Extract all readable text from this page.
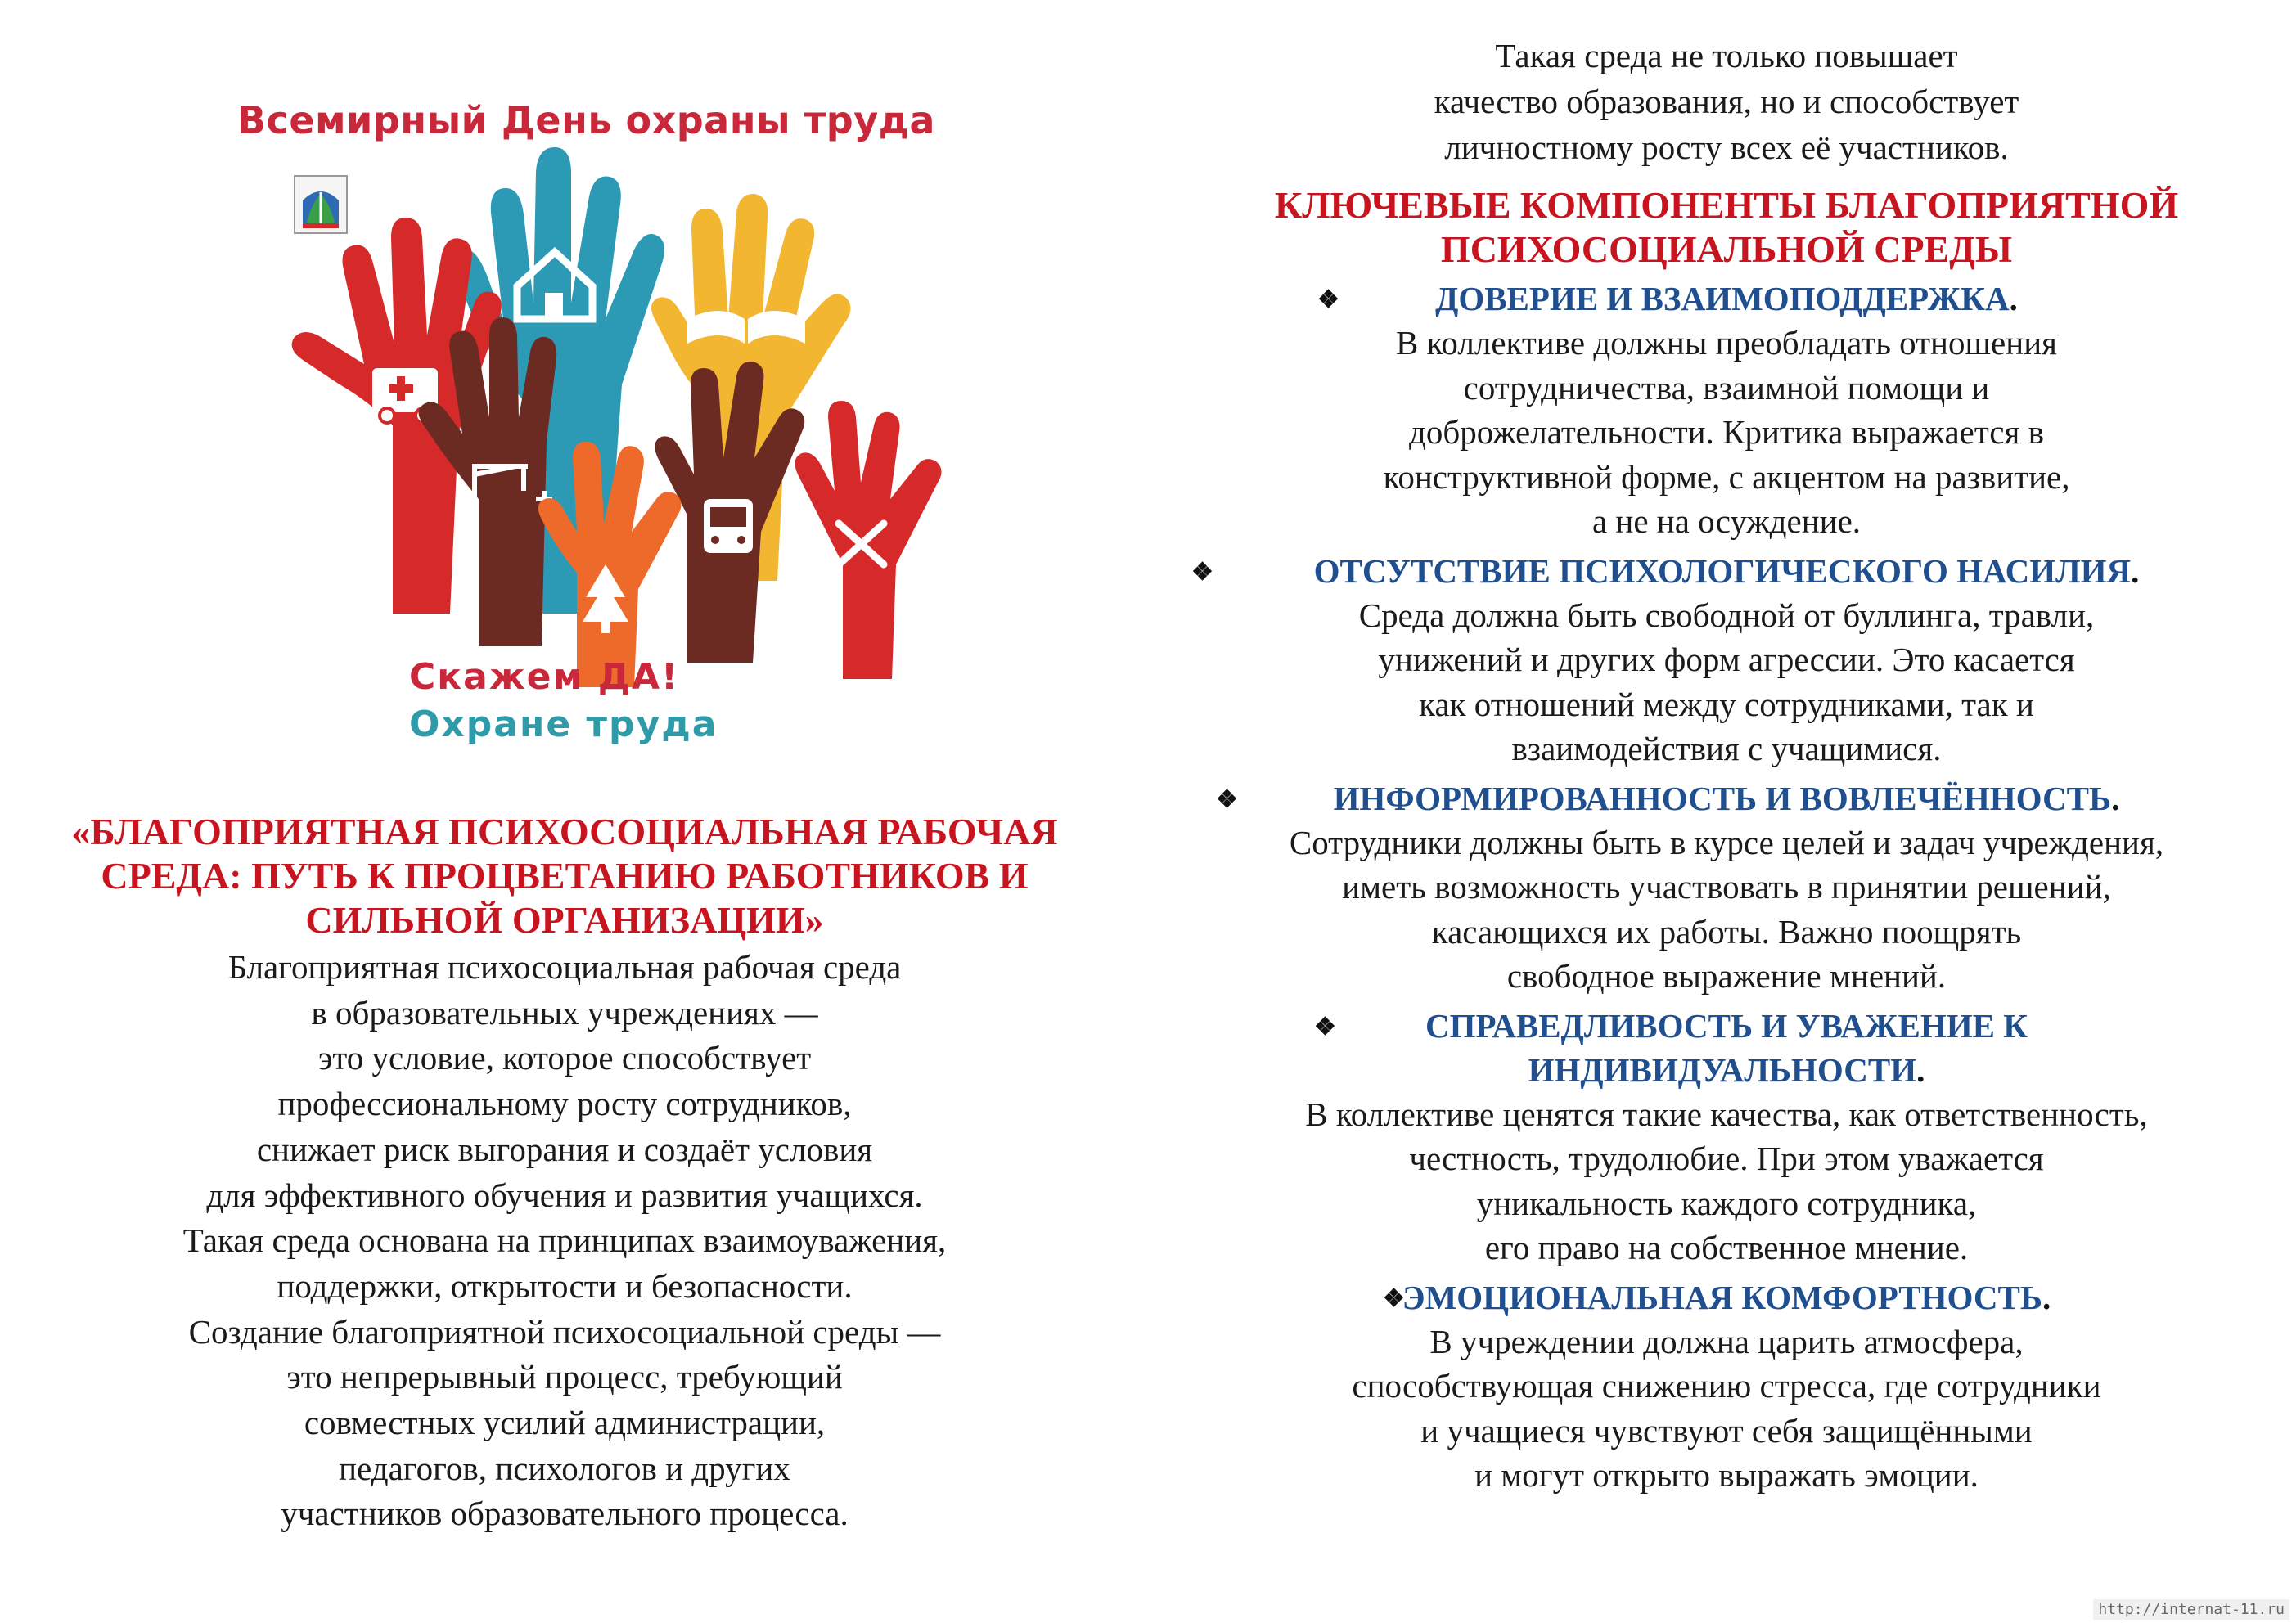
Всемирный День охраны труда
Скажем ДА!
Охране труда
«БЛАГОПРИЯТНАЯ ПСИХОСОЦИАЛЬНАЯ РАБОЧАЯ
СРЕДА: ПУТЬ К ПРОЦВЕТАНИЮ РАБОТНИКОВ И
СИЛЬНОЙ ОРГАНИЗАЦИИ»
Благоприятная психосоциальная рабочая среда
в образовательных учреждениях —
это условие, которое способствует
профессиональному росту сотрудников,
снижает риск выгорания и создаёт условия
для эффективного обучения и развития учащихся.
Такая среда основана на принципах взаимоуважения,
поддержки, открытости и безопасности.
Создание благоприятной психосоциальной среды —
это непрерывный процесс, требующий
совместных усилий администрации,
педагогов, психологов и других
участников образовательного процесса.
Такая среда не только повышает
качество образования, но и способствует
личностному росту всех её участников.
КЛЮЧЕВЫЕ КОМПОНЕНТЫ БЛАГОПРИЯТНОЙ
ПСИХОСОЦИАЛЬНОЙ СРЕДЫ
❖	ДОВЕРИЕ И ВЗАИМОПОДДЕРЖКА.
В коллективе должны преобладать отношения
сотрудничества, взаимной помощи и
доброжелательности. Критика выражается в
конструктивной форме, с акцентом на развитие,
а не на осуждение.
❖	ОТСУТСТВИЕ ПСИХОЛОГИЧЕСКОГО НАСИЛИЯ.
Среда должна быть свободной от буллинга, травли,
унижений и других форм агрессии. Это касается
как отношений между сотрудниками, так и
взаимодействия с учащимися.
❖	ИНФОРМИРОВАННОСТЬ И ВОВЛЕЧЁННОСТЬ.
Сотрудники должны быть в курсе целей и задач учреждения,
иметь возможность участвовать в принятии решений,
касающихся их работы. Важно поощрять
свободное выражение мнений.
❖	СПРАВЕДЛИВОСТЬ И УВАЖЕНИЕ К
ИНДИВИДУАЛЬНОСТИ.
В коллективе ценятся такие качества, как ответственность,
честность, трудолюбие. При этом уважается
уникальность каждого сотрудника,
его право на собственное мнение.
❖
ЭМОЦИОНАЛЬНАЯ КОМФОРТНОСТЬ.
В учреждении должна царить атмосфера,
способствующая снижению стресса, где сотрудники
и учащиеся чувствуют себя защищёнными
и могут открыто выражать эмоции.
http://internat-11.ru
